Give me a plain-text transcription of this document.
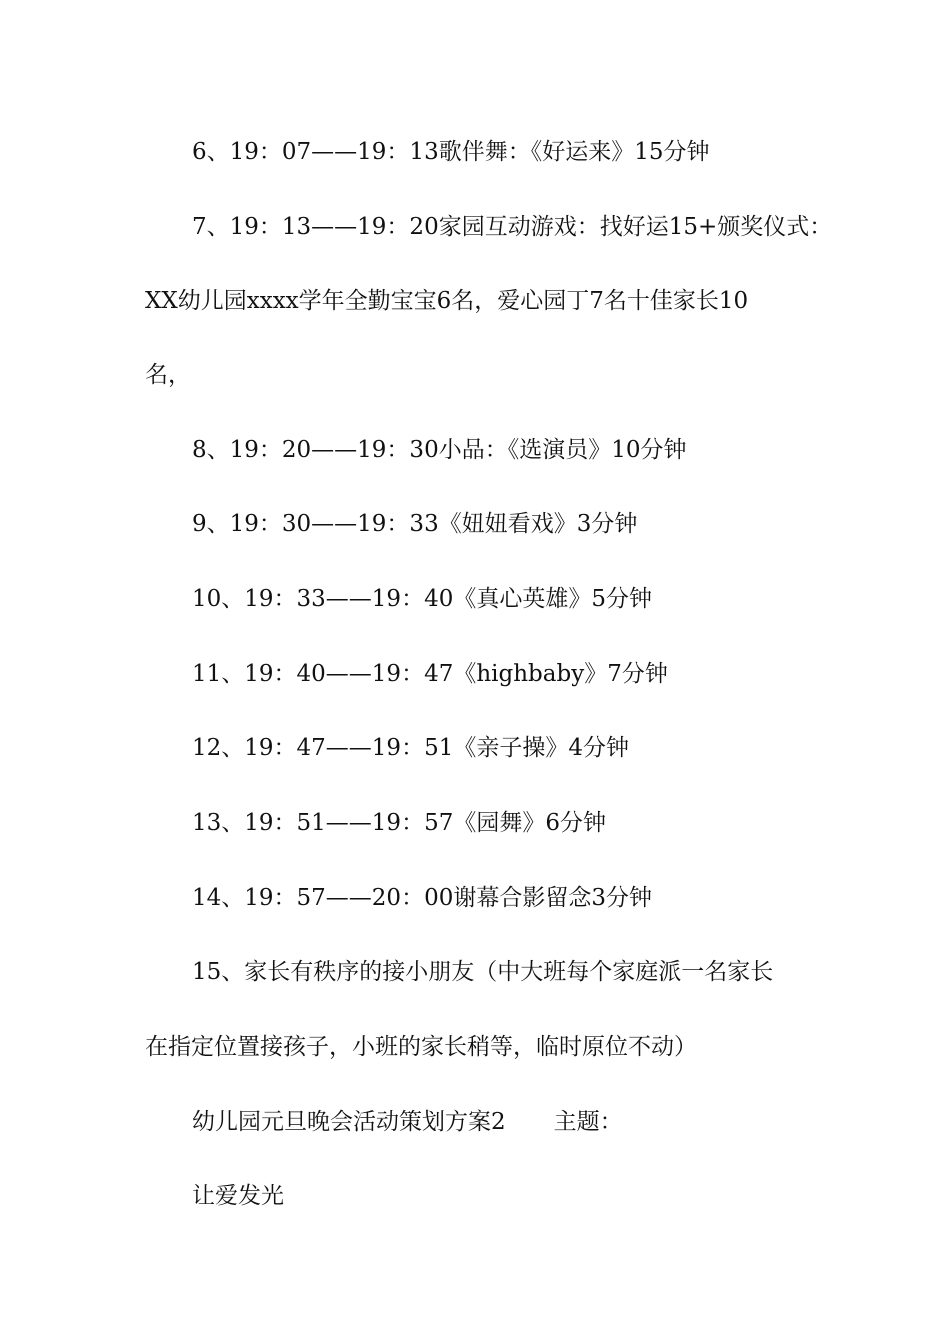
6、19：07——19：13歌伴舞：《好运来》15分钟

7、19：13——19：20家园互动游戏：找好运15+颁奖仪式：

XX幼儿园xxxx学年全勤宝宝6名，爱心园丁7名十佳家长10

名，

8、19：20——19：30小品：《选演员》10分钟

9、19：30——19：33《妞妞看戏》3分钟

10、19：33——19：40《真心英雄》5分钟

11、19：40——19：47《highbaby》7分钟

12、19：47——19：51《亲子操》4分钟

13、19：51——19：57《园舞》6分钟

14、19：57——20：00谢幕合影留念3分钟

15、家长有秩序的接小朋友（中大班每个家庭派一名家长

在指定位置接孩子，小班的家长稍等，临时原位不动）

幼儿园元旦晚会活动策划方案2 主题：

让爱发光
